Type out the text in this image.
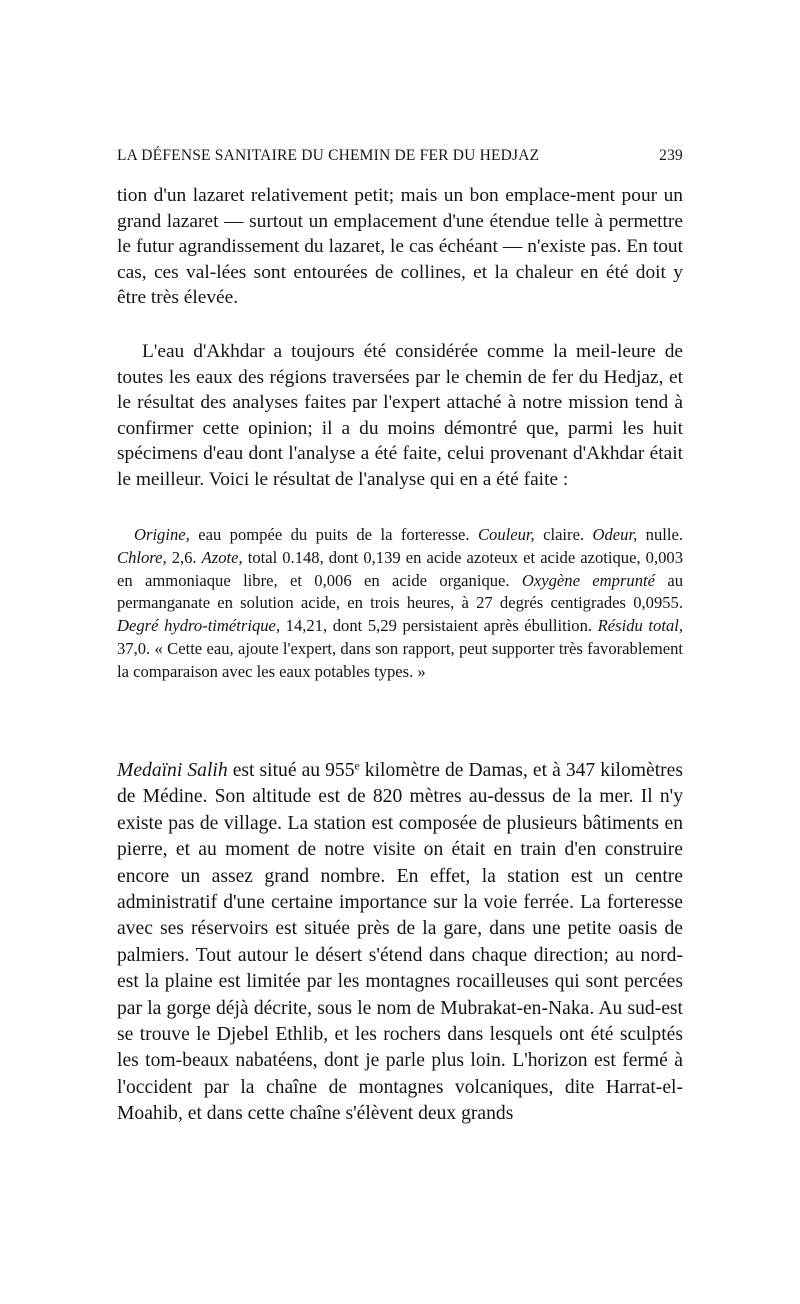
LA DÉFENSE SANITAIRE DU CHEMIN DE FER DU HEDJAZ	239
tion d'un lazaret relativement petit; mais un bon emplace-ment pour un grand lazaret — surtout un emplacement d'une étendue telle à permettre le futur agrandissement du lazaret, le cas échéant — n'existe pas. En tout cas, ces val-lées sont entourées de collines, et la chaleur en été doit y être très élevée.
L'eau d'Akhdar a toujours été considérée comme la meil-leure de toutes les eaux des régions traversées par le chemin de fer du Hedjaz, et le résultat des analyses faites par l'expert attaché à notre mission tend à confirmer cette opinion; il a du moins démontré que, parmi les huit spécimens d'eau dont l'analyse a été faite, celui provenant d'Akhdar était le meilleur. Voici le résultat de l'analyse qui en a été faite :
Origine, eau pompée du puits de la forteresse. Couleur, claire. Odeur, nulle. Chlore, 2,6. Azote, total 0.148, dont 0,139 en acide azoteux et acide azotique, 0,003 en ammoniaque libre, et 0,006 en acide organique. Oxygène emprunté au permanganate en solution acide, en trois heures, à 27 degrés centigrades 0,0955. Degré hydro-timétrique, 14,21, dont 5,29 persistaient après ébullition. Résidu total, 37,0. « Cette eau, ajoute l'expert, dans son rapport, peut supporter très favorablement la comparaison avec les eaux potables types. »
Medaïni Salih est situé au 955e kilomètre de Damas, et à 347 kilomètres de Médine. Son altitude est de 820 mètres au-dessus de la mer. Il n'y existe pas de village. La station est composée de plusieurs bâtiments en pierre, et au moment de notre visite on était en train d'en construire encore un assez grand nombre. En effet, la station est un centre administratif d'une certaine importance sur la voie ferrée. La forteresse avec ses réservoirs est située près de la gare, dans une petite oasis de palmiers. Tout autour le désert s'étend dans chaque direction; au nord-est la plaine est limitée par les montagnes rocailleuses qui sont percées par la gorge déjà décrite, sous le nom de Mubrakat-en-Naka. Au sud-est se trouve le Djebel Ethlib, et les rochers dans lesquels ont été sculptés les tom-beaux nabatéens, dont je parle plus loin. L'horizon est fermé à l'occident par la chaîne de montagnes volcaniques, dite Harrat-el-Moahib, et dans cette chaîne s'élèvent deux grands
